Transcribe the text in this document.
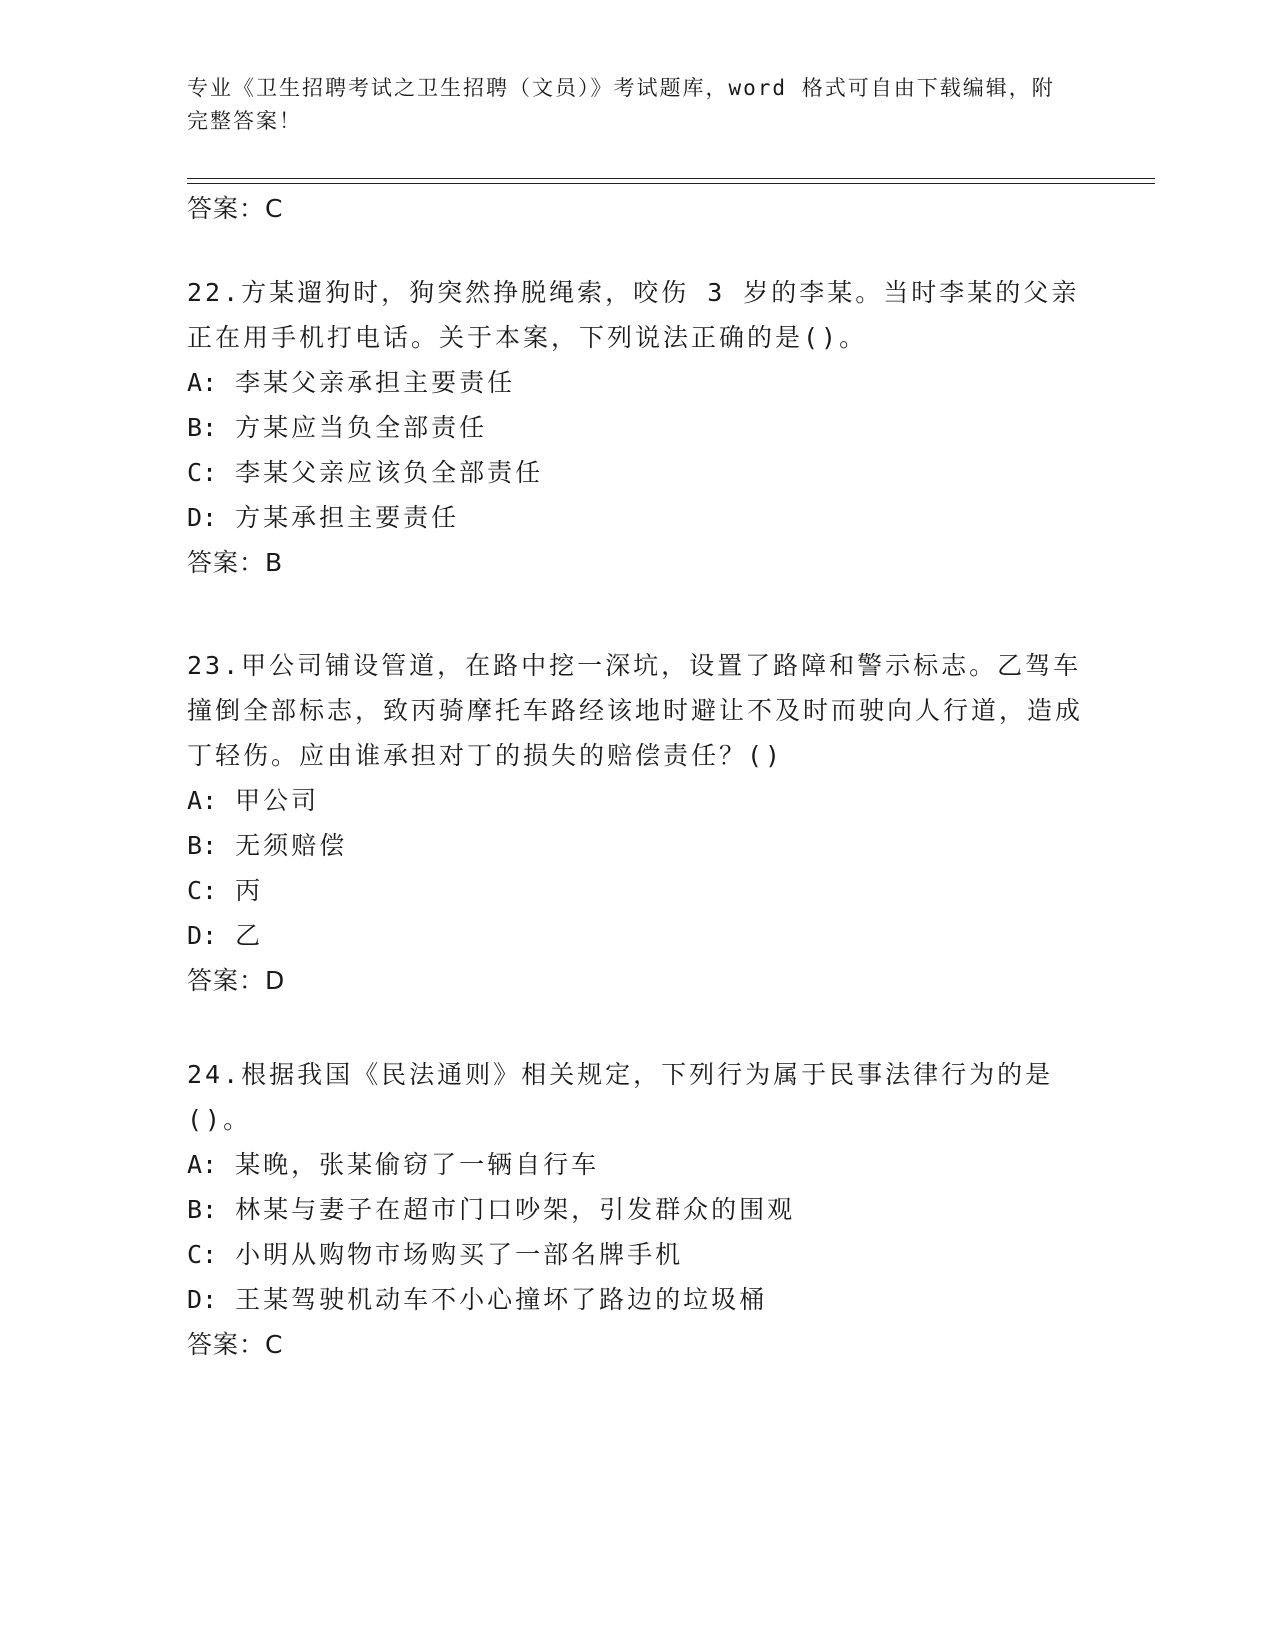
专业《卫生招聘考试之卫生招聘（文员）》考试题库，word 格式可自由下载编辑，附完整答案！

答案：C

22.方某遛狗时，狗突然挣脱绳索，咬伤 3 岁的李某。当时李某的父亲正在用手机打电话。关于本案，下列说法正确的是()。

A: 李某父亲承担主要责任

B: 方某应当负全部责任

C: 李某父亲应该负全部责任

D: 方某承担主要责任

答案：B

23.甲公司铺设管道，在路中挖一深坑，设置了路障和警示标志。乙驾车撞倒全部标志，致丙骑摩托车路经该地时避让不及时而驶向人行道，造成丁轻伤。应由谁承担对丁的损失的赔偿责任？()

A: 甲公司

B: 无须赔偿

C: 丙

D: 乙

答案：D

24.根据我国《民法通则》相关规定，下列行为属于民事法律行为的是()。

A: 某晚，张某偷窃了一辆自行车

B: 林某与妻子在超市门口吵架，引发群众的围观

C: 小明从购物市场购买了一部名牌手机

D: 王某驾驶机动车不小心撞坏了路边的垃圾桶

答案：C
